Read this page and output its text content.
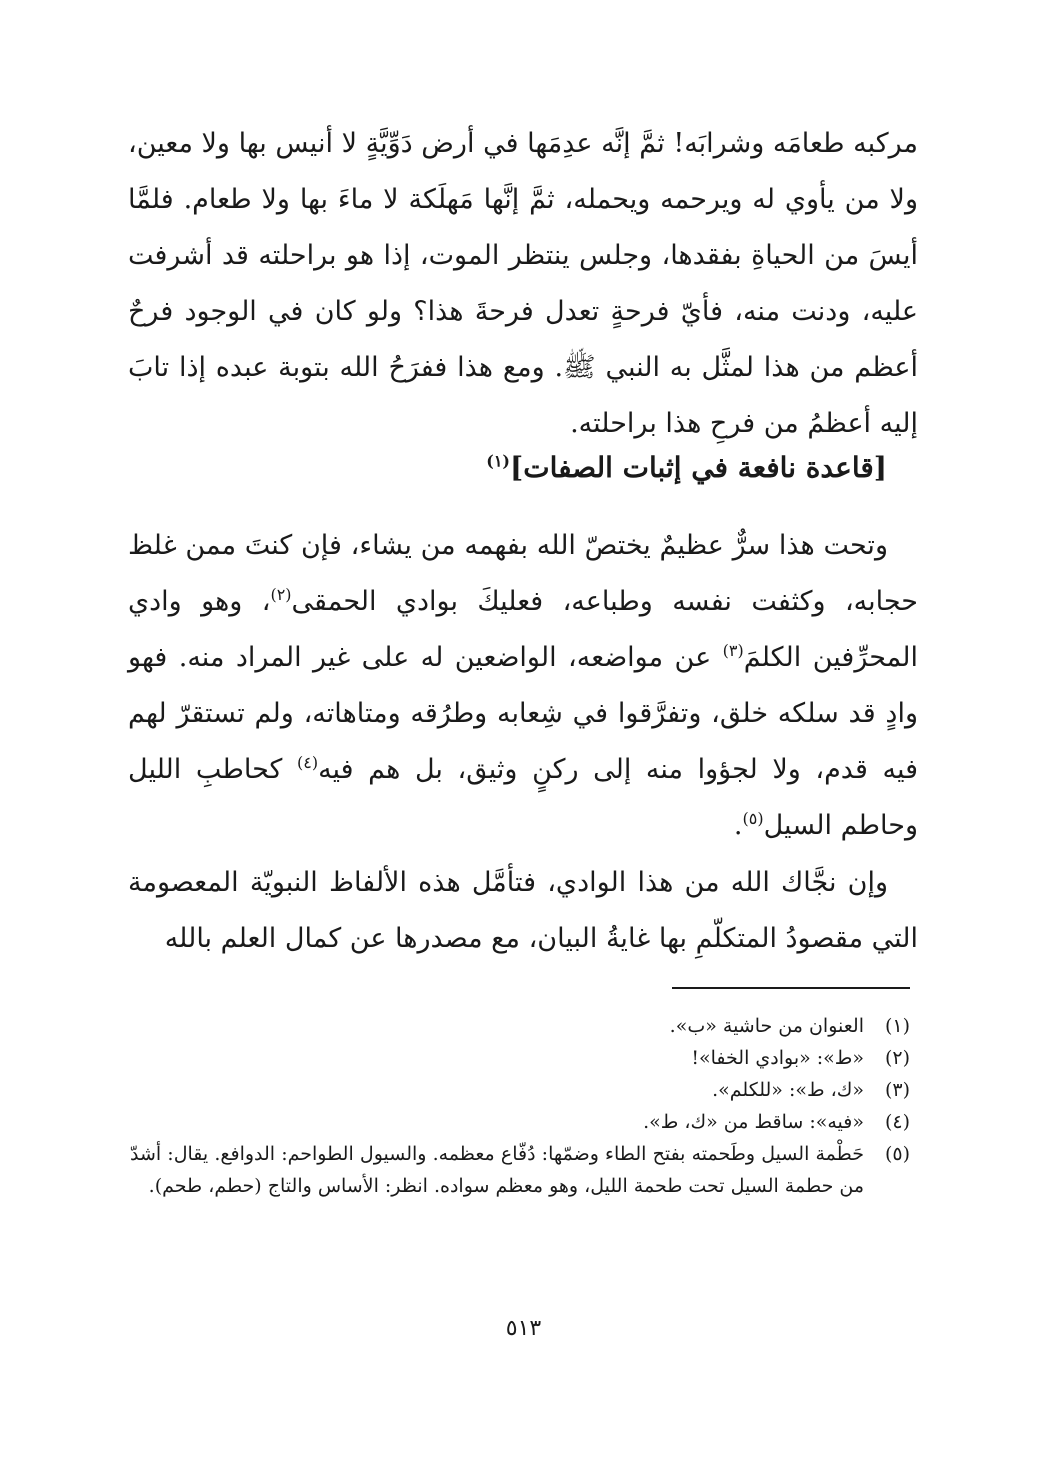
مركبه طعامَه وشرابَه! ثمَّ إنَّه عدِمَها في أرض دَوِّيَّةٍ لا أنيس بها ولا معين، ولا من يأوي له ويرحمه ويحمله، ثمَّ إنَّها مَهلَكة لا ماءَ بها ولا طعام. فلمَّا أيسَ من الحياةِ بفقدها، وجلس ينتظر الموت، إذا هو براحلته قد أشرفت عليه، ودنت منه، فأيّ فرحةٍ تعدل فرحةَ هذا؟ ولو كان في الوجود فرحٌ أعظم من هذا لمثَّل به النبي ﷺ. ومع هذا ففرَحُ الله بتوبة عبده إذا تابَ إليه أعظمُ من فرحِ هذا براحلته.

[قاعدة نافعة في إثبات الصفات]$^{(١)}$

وتحت هذا سرٌّ عظيمٌ يختصّ الله بفهمه من يشاء، فإن كنتَ ممن غلظ حجابه، وكثفت نفسه وطباعه، فعليكَ بوادي الحمقى$^{(٢)}$، وهو وادي المحرِّفين الكلمَ$^{(٣)}$ عن مواضعه، الواضعين له على غير المراد منه. فهو وادٍ قد سلكه خلق، وتفرَّقوا في شِعابه وطرُقه ومتاهاته، ولم تستقرّ لهم فيه قدم، ولا لجؤوا منه إلى ركنٍ وثيق، بل هم فيه$^{(٤)}$ كحاطبِ الليل وحاطم السيل$^{(٥)}$.

وإن نجَّاك الله من هذا الوادي، فتأمَّل هذه الألفاظ النبويّة المعصومة التي مقصودُ المتكلّمِ بها غايةُ البيان، مع مصدرها عن كمال العلم بالله

(١)
العنوان من حاشية «ب».
(٢)
«ط»: «بوادي الخفا»!
(٣)
«ك، ط»: «للكلم».
(٤)
«فيه»: ساقط من «ك، ط».
(٥)
حَطْمة السيل وطَحمته بفتح الطاء وضمّها: دُفّاع معظمه. والسيول الطواحم: الدوافع. يقال: أشدّ من حطمة السيل تحت طحمة الليل، وهو معظم سواده. انظر: الأساس والتاج (حطم، طحم).
٥١٣
